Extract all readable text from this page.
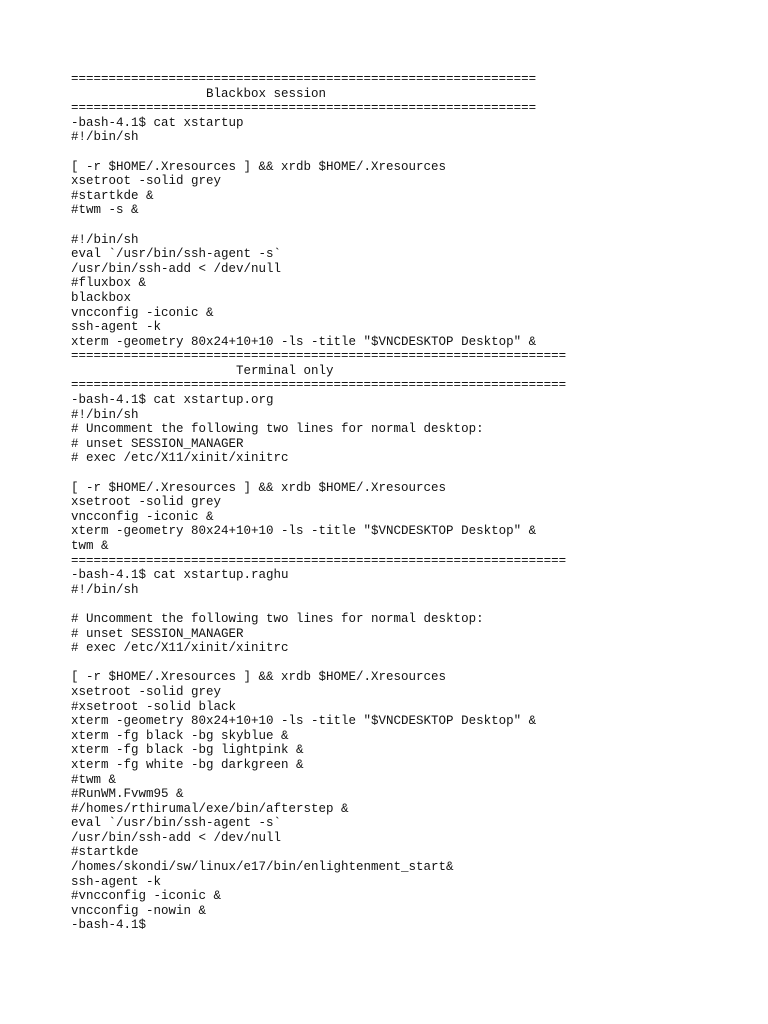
==============================================================
Blackbox session
==============================================================
-bash-4.1$ cat xstartup
#!/bin/sh
[ -r $HOME/.Xresources ] && xrdb $HOME/.Xresources
xsetroot -solid grey
#startkde &
#twm -s &
#!/bin/sh
eval `/usr/bin/ssh-agent -s`
/usr/bin/ssh-add < /dev/null
#fluxbox &
blackbox
vncconfig -iconic &
ssh-agent -k
xterm -geometry 80x24+10+10 -ls -title "$VNCDESKTOP Desktop" &
==================================================================
Terminal only
==================================================================
-bash-4.1$ cat xstartup.org
#!/bin/sh
# Uncomment the following two lines for normal desktop:
# unset SESSION_MANAGER
# exec /etc/X11/xinit/xinitrc
[ -r $HOME/.Xresources ] && xrdb $HOME/.Xresources
xsetroot -solid grey
vncconfig -iconic &
xterm -geometry 80x24+10+10 -ls -title "$VNCDESKTOP Desktop" &
twm &
==================================================================
-bash-4.1$ cat xstartup.raghu
#!/bin/sh
# Uncomment the following two lines for normal desktop:
# unset SESSION_MANAGER
# exec /etc/X11/xinit/xinitrc
[ -r $HOME/.Xresources ] && xrdb $HOME/.Xresources
xsetroot -solid grey
#xsetroot -solid black
xterm -geometry 80x24+10+10 -ls -title "$VNCDESKTOP Desktop" &
xterm -fg black -bg skyblue &
xterm -fg black -bg lightpink &
xterm -fg white -bg darkgreen &
#twm &
#RunWM.Fvwm95 &
#/homes/rthirumal/exe/bin/afterstep &
eval `/usr/bin/ssh-agent -s`
/usr/bin/ssh-add < /dev/null
#startkde
/homes/skondi/sw/linux/e17/bin/enlightenment_start&
ssh-agent -k
#vncconfig -iconic &
vncconfig -nowin &
-bash-4.1$
